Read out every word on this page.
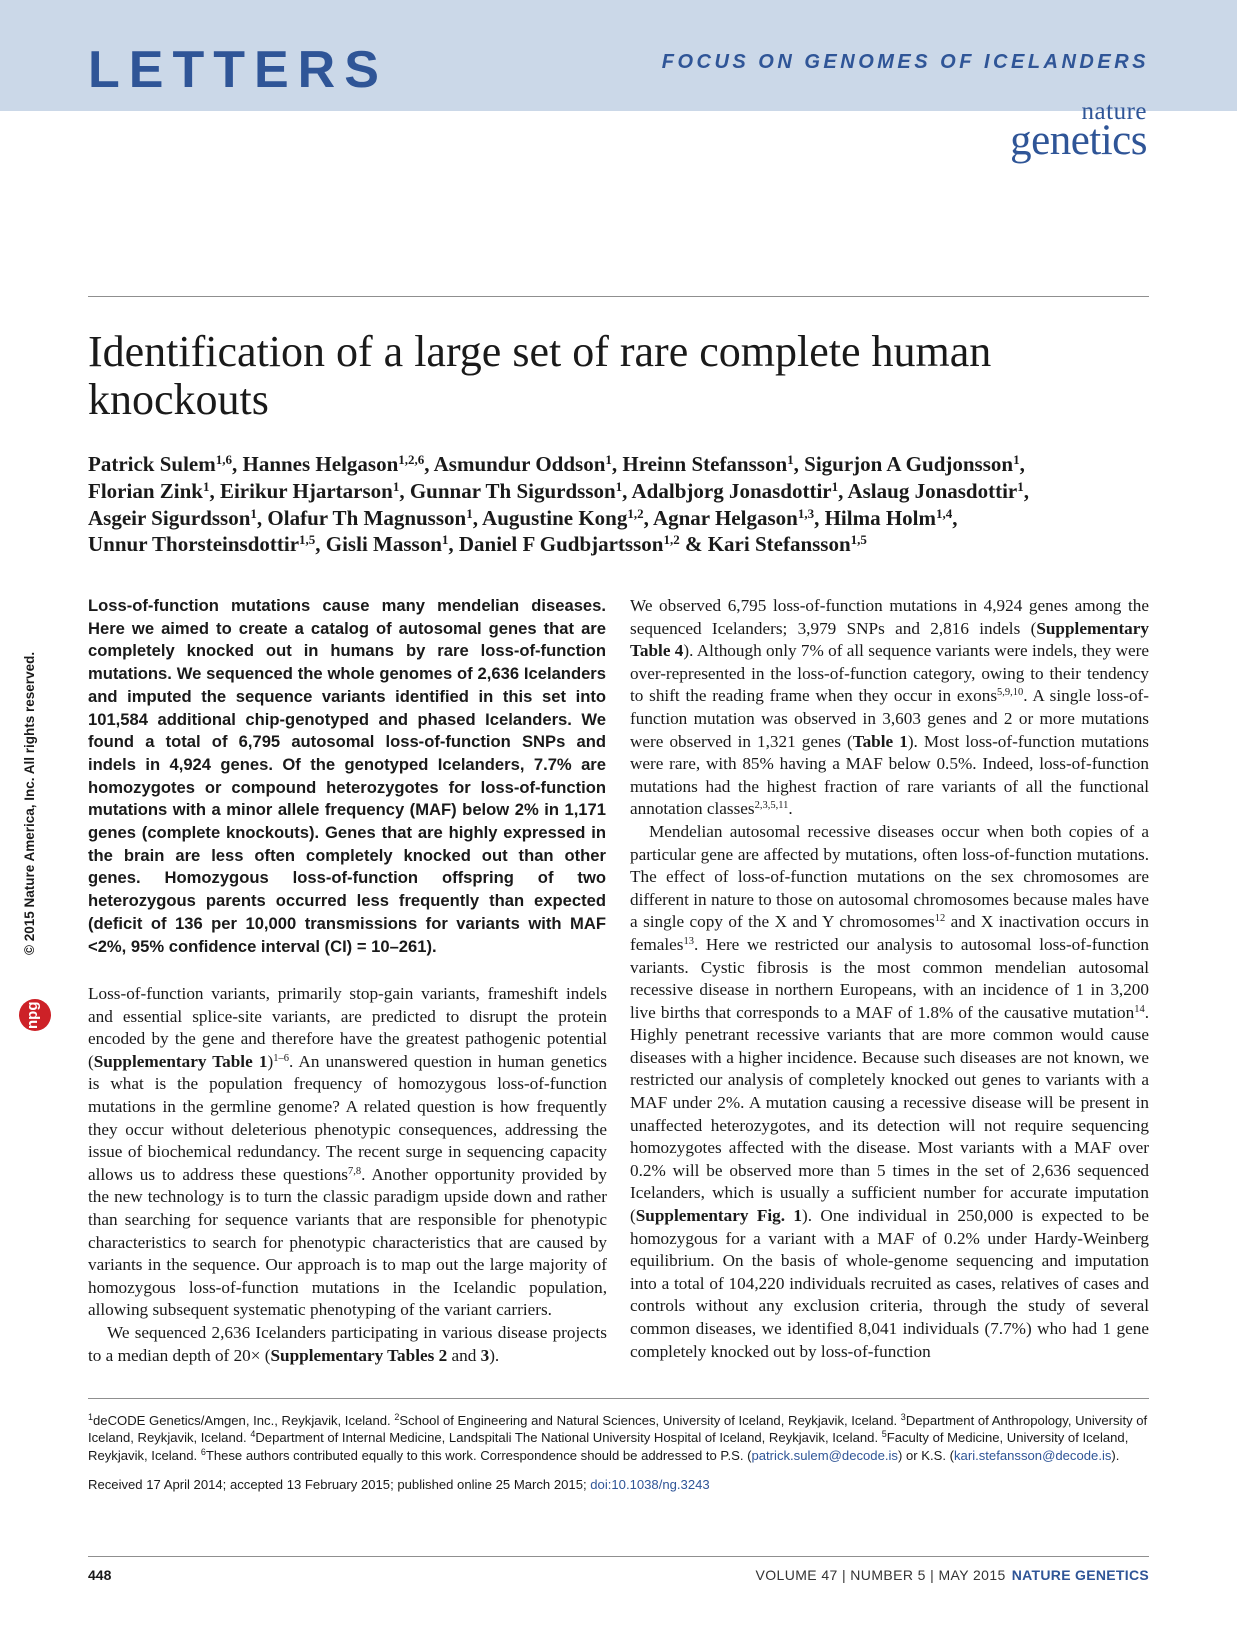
LETTERS	FOCUS ON GENOMES OF ICELANDERS
nature
genetics
Identification of a large set of rare complete human knockouts

Patrick Sulem$^{1,6}$, Hannes Helgason$^{1,2,6}$, Asmundur Oddson$^1$, Hreinn Stefansson$^1$, Sigurjon A Gudjonsson$^1$,

Florian Zink$^1$, Eirikur Hjartarson$^1$, Gunnar Th Sigurdsson$^1$, Adalbjorg Jonasdottir$^1$, Aslaug Jonasdottir$^1$,

Asgeir Sigurdsson$^1$, Olafur Th Magnusson$^1$, Augustine Kong$^{1,2}$, Agnar Helgason$^{1,3}$, Hilma Holm$^{1,4}$,

Unnur Thorsteinsdottir$^{1,5}$, Gisli Masson$^1$, Daniel F Gudbjartsson$^{1,2}$ & Kari Stefansson$^{1,5}$

© 2015 Nature America, Inc. All rights reserved.
npg

Loss-of-function mutations cause many mendelian diseases. Here we aimed to create a catalog of autosomal genes that are completely knocked out in humans by rare loss-of-function mutations. We sequenced the whole genomes of 2,636 Icelanders and imputed the sequence variants identified in this set into 101,584 additional chip-genotyped and phased Icelanders. We found a total of 6,795 autosomal loss-of-function SNPs and indels in 4,924 genes. Of the genotyped Icelanders, 7.7% are homozygotes or compound heterozygotes for loss-of-function mutations with a minor allele frequency (MAF) below 2% in 1,171 genes (complete knockouts). Genes that are highly expressed in the brain are less often completely knocked out than other genes. Homozygous loss-of-function offspring of two heterozygous parents occurred less frequently than expected (deficit of 136 per 10,000 transmissions for variants with MAF <2%, 95% confidence interval (CI) = 10–261).

Loss-of-function variants, primarily stop-gain variants, frameshift indels and essential splice-site variants, are predicted to disrupt the protein encoded by the gene and therefore have the greatest pathogenic potential (Supplementary Table 1)$^{1-6}$. An unanswered question in human genetics is what is the population frequency of homozygous loss-of-function mutations in the germline genome? A related question is how frequently they occur without deleterious phenotypic consequences, addressing the issue of biochemical redundancy. The recent surge in sequencing capacity allows us to address these questions$^{7,8}$. Another opportunity provided by the new technology is to turn the classic paradigm upside down and rather than searching for sequence variants that are responsible for phenotypic characteristics to search for phenotypic characteristics that are caused by variants in the sequence. Our approach is to map out the large majority of homozygous loss-of-function mutations in the Icelandic population, allowing subsequent systematic phenotyping of the variant carriers.

We sequenced 2,636 Icelanders participating in various disease projects to a median depth of 20× (Supplementary Tables 2 and 3).

We observed 6,795 loss-of-function mutations in 4,924 genes among the sequenced Icelanders; 3,979 SNPs and 2,816 indels (Supplementary Table 4). Although only 7% of all sequence variants were indels, they were over-represented in the loss-of-function category, owing to their tendency to shift the reading frame when they occur in exons$^{5,9,10}$. A single loss-of-function mutation was observed in 3,603 genes and 2 or more mutations were observed in 1,321 genes (Table 1). Most loss-of-function mutations were rare, with 85% having a MAF below 0.5%. Indeed, loss-of-function mutations had the highest fraction of rare variants of all the functional annotation classes$^{2,3,5,11}$.

Mendelian autosomal recessive diseases occur when both copies of a particular gene are affected by mutations, often loss-of-function mutations. The effect of loss-of-function mutations on the sex chromosomes are different in nature to those on autosomal chromosomes because males have a single copy of the X and Y chromosomes$^{12}$ and X inactivation occurs in females$^{13}$. Here we restricted our analysis to autosomal loss-of-function variants. Cystic fibrosis is the most common mendelian autosomal recessive disease in northern Europeans, with an incidence of 1 in 3,200 live births that corresponds to a MAF of 1.8% of the causative mutation$^{14}$. Highly penetrant recessive variants that are more common would cause diseases with a higher incidence. Because such diseases are not known, we restricted our analysis of completely knocked out genes to variants with a MAF under 2%. A mutation causing a recessive disease will be present in unaffected heterozygotes, and its detection will not require sequencing homozygotes affected with the disease. Most variants with a MAF over 0.2% will be observed more than 5 times in the set of 2,636 sequenced Icelanders, which is usually a sufficient number for accurate imputation (Supplementary Fig. 1). One individual in 250,000 is expected to be homozygous for a variant with a MAF of 0.2% under Hardy-Weinberg equilibrium. On the basis of whole-genome sequencing and imputation into a total of 104,220 individuals recruited as cases, relatives of cases and controls without any exclusion criteria, through the study of several common diseases, we identified 8,041 individuals (7.7%) who had 1 gene completely knocked out by loss-of-function

$^1$deCODE Genetics/Amgen, Inc., Reykjavik, Iceland. $^2$School of Engineering and Natural Sciences, University of Iceland, Reykjavik, Iceland. $^3$Department of Anthropology, University of Iceland, Reykjavik, Iceland. $^4$Department of Internal Medicine, Landspitali The National University Hospital of Iceland, Reykjavik, Iceland. $^5$Faculty of Medicine, University of Iceland, Reykjavik, Iceland. $^6$These authors contributed equally to this work. Correspondence should be addressed to P.S. (patrick.sulem@decode.is) or K.S. (kari.stefansson@decode.is).

Received 17 April 2014; accepted 13 February 2015; published online 25 March 2015; doi:10.1038/ng.3243

448	VOLUME 47 | NUMBER 5 | MAY 2015 NATURE GENETICS
